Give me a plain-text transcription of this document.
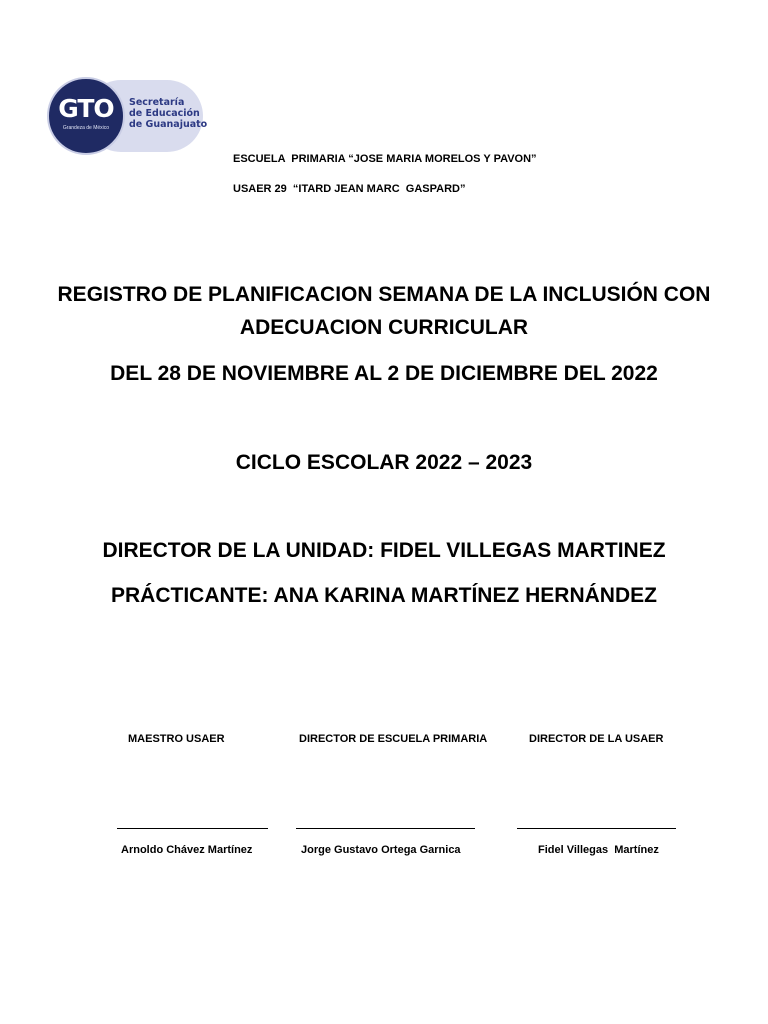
GTO
Grandeza de México
Secretaría
de Educación
de Guanajuato
ESCUELA  PRIMARIA “JOSE MARIA MORELOS Y PAVON”
USAER 29  “ITARD JEAN MARC  GASPARD”
REGISTRO DE PLANIFICACION SEMANA DE LA INCLUSIÓN CON
ADECUACION CURRICULAR
DEL 28 DE NOVIEMBRE AL 2 DE DICIEMBRE DEL 2022
CICLO ESCOLAR 2022 – 2023
DIRECTOR DE LA UNIDAD: FIDEL VILLEGAS MARTINEZ
PRÁCTICANTE: ANA KARINA MARTÍNEZ HERNÁNDEZ
MAESTRO USAER	DIRECTOR DE ESCUELA PRIMARIA	DIRECTOR DE LA USAER
Arnoldo Chávez Martínez	Jorge Gustavo Ortega Garnica	Fidel Villegas  Martínez
